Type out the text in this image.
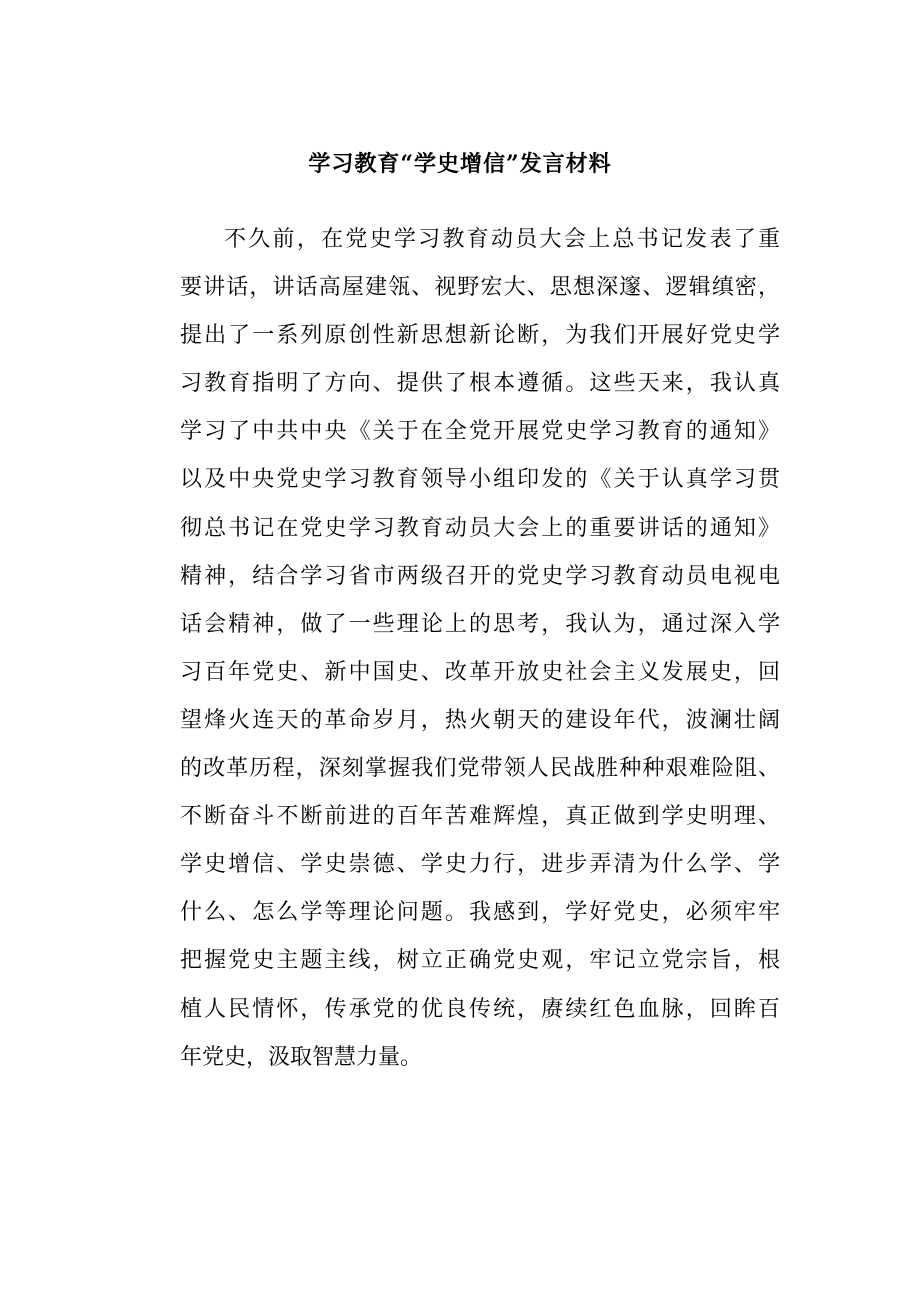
学习教育“学史增信”发言材料
不久前，在党史学习教育动员大会上总书记发表了重
要讲话，讲话高屋建瓴、视野宏大、思想深邃、逻辑缜密，
提出了一系列原创性新思想新论断，为我们开展好党史学
习教育指明了方向、提供了根本遵循。这些天来，我认真
学习了中共中央《关于在全党开展党史学习教育的通知》
以及中央党史学习教育领导小组印发的《关于认真学习贯
彻总书记在党史学习教育动员大会上的重要讲话的通知》
精神，结合学习省市两级召开的党史学习教育动员电视电
话会精神，做了一些理论上的思考，我认为，通过深入学
习百年党史、新中国史、改革开放史社会主义发展史，回
望烽火连天的革命岁月，热火朝天的建设年代，波澜壮阔
的改革历程，深刻掌握我们党带领人民战胜种种艰难险阻、
不断奋斗不断前进的百年苦难辉煌，真正做到学史明理、
学史增信、学史崇德、学史力行，进步弄清为什么学、学
什么、怎么学等理论问题。我感到，学好党史，必须牢牢
把握党史主题主线，树立正确党史观，牢记立党宗旨，根
植人民情怀，传承党的优良传统，赓续红色血脉，回眸百
年党史，汲取智慧力量。
